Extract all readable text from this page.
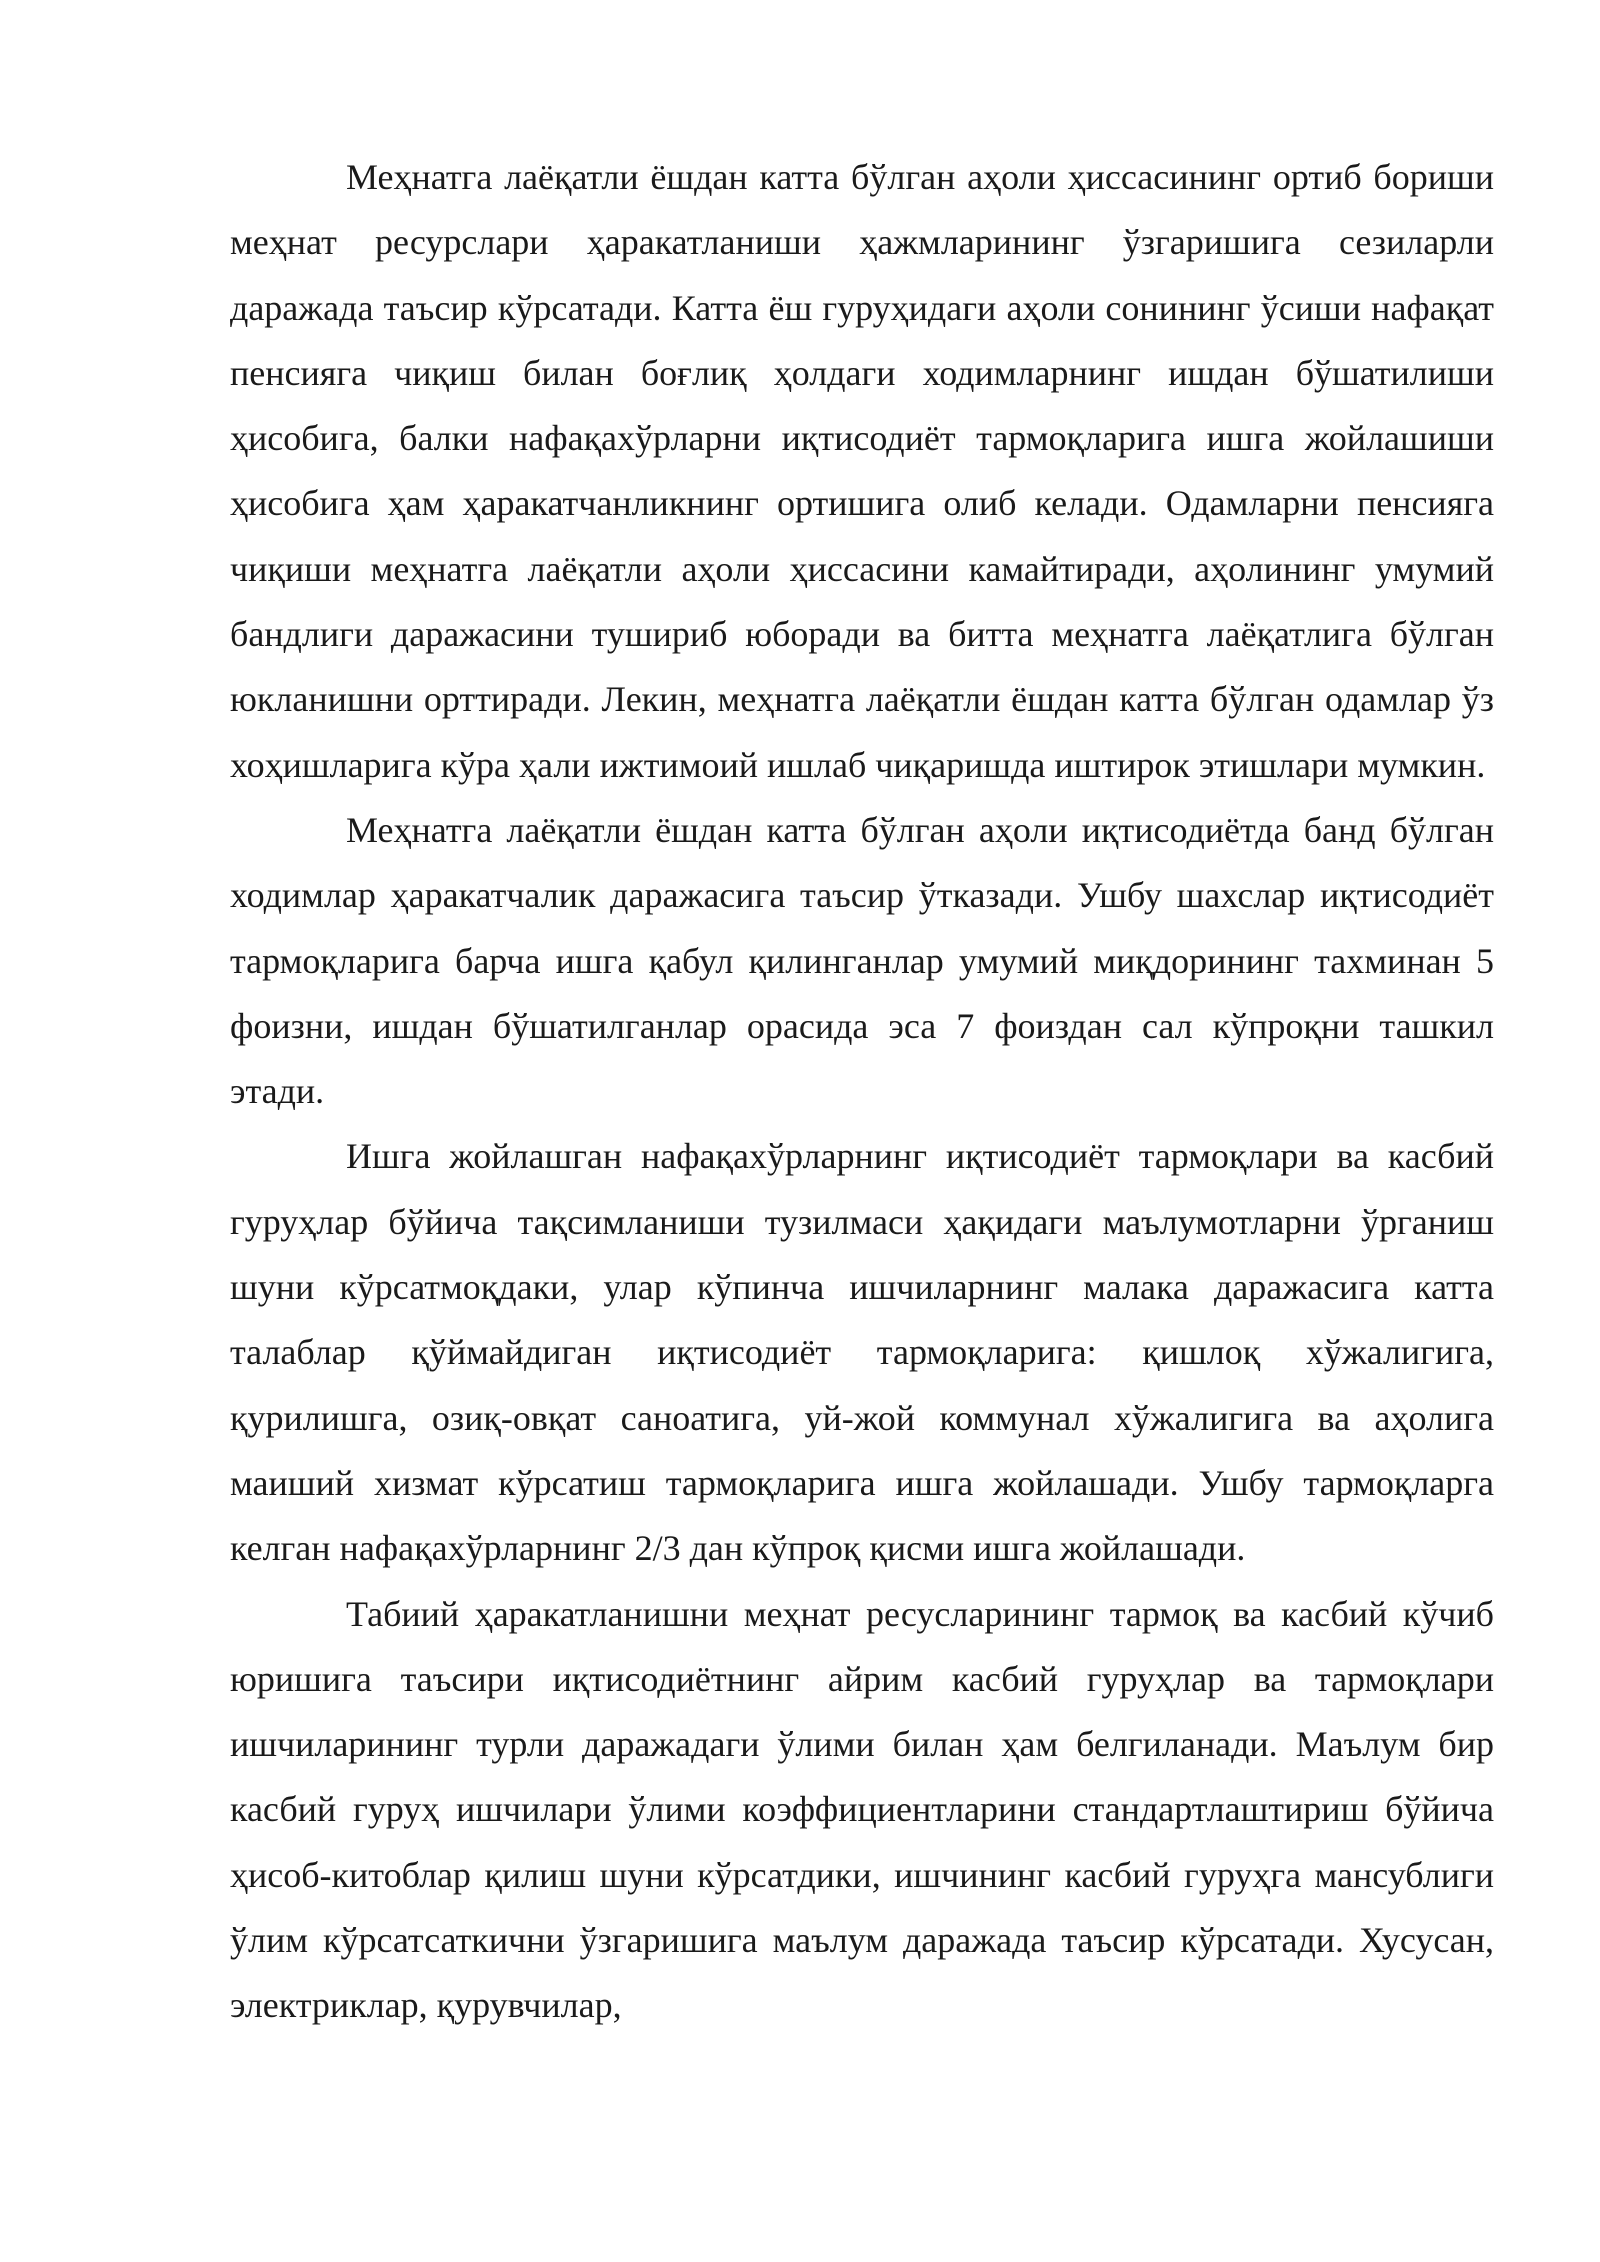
Меҳнатга лаёқатли ёшдан катта бўлган аҳоли ҳиссасининг ортиб бориши меҳнат ресурслари ҳаракатланиши ҳажмларининг ўзгаришига сезиларли даражада таъсир кўрсатади. Катта ёш гуруҳидаги аҳоли сонининг ўсиши нафақат пенсияга чиқиш билан боғлиқ ҳолдаги ходимларнинг ишдан бўшатилиши ҳисобига, балки нафақахўрларни иқтисодиёт тармоқларига ишга жойлашиши ҳисобига ҳам ҳаракатчанликнинг ортишига олиб келади. Одамларни пенсияга чиқиши меҳнатга лаёқатли аҳоли ҳиссасини камайтиради, аҳолининг умумий бандлиги даражасини тушириб юборади ва битта меҳнатга лаёқатлига бўлган юкланишни орттиради. Лекин, меҳнатга лаёқатли ёшдан катта бўлган одамлар ўз хоҳишларига кўра ҳали ижтимоий ишлаб чиқаришда иштирок этишлари мумкин.

Меҳнатга лаёқатли ёшдан катта бўлган аҳоли иқтисодиётда банд бўлган ходимлар ҳаракатчалик даражасига таъсир ўтказади. Ушбу шахслар иқтисодиёт тармоқларига барча ишга қабул қилинганлар умумий миқдорининг тахминан 5 фоизни, ишдан бўшатилганлар орасида эса 7 фоиздан сал кўпроқни ташкил этади.

Ишга жойлашган нафақахўрларнинг иқтисодиёт тармоқлари ва касбий гуруҳлар бўйича тақсимланиши тузилмаси ҳақидаги маълумотларни ўрганиш шуни кўрсатмоқдаки, улар кўпинча ишчиларнинг малака даражасига катта талаблар қўймайдиган иқтисодиёт тармоқларига: қишлоқ хўжалигига, қурилишга, озиқ-овқат саноатига, уй-жой коммунал хўжалигига ва аҳолига маиший хизмат кўрсатиш тармоқларига ишга жойлашади. Ушбу тармоқларга келган нафақахўрларнинг 2/3 дан кўпроқ қисми ишга жойлашади.

Табиий ҳаракатланишни меҳнат ресусларининг тармоқ ва касбий кўчиб юришига таъсири иқтисодиётнинг айрим касбий гуруҳлар ва тармоқлари ишчиларининг турли даражадаги ўлими билан ҳам белгиланади. Маълум бир касбий гуруҳ ишчилари ўлими коэффициентларини стандартлаштириш бўйича ҳисоб-китоблар қилиш шуни кўрсатдики, ишчининг касбий гуруҳга мансублиги ўлим кўрсатсаткични ўзгаришига маълум даражада таъсир кўрсатади. Хусусан, электриклар, қурувчилар,
